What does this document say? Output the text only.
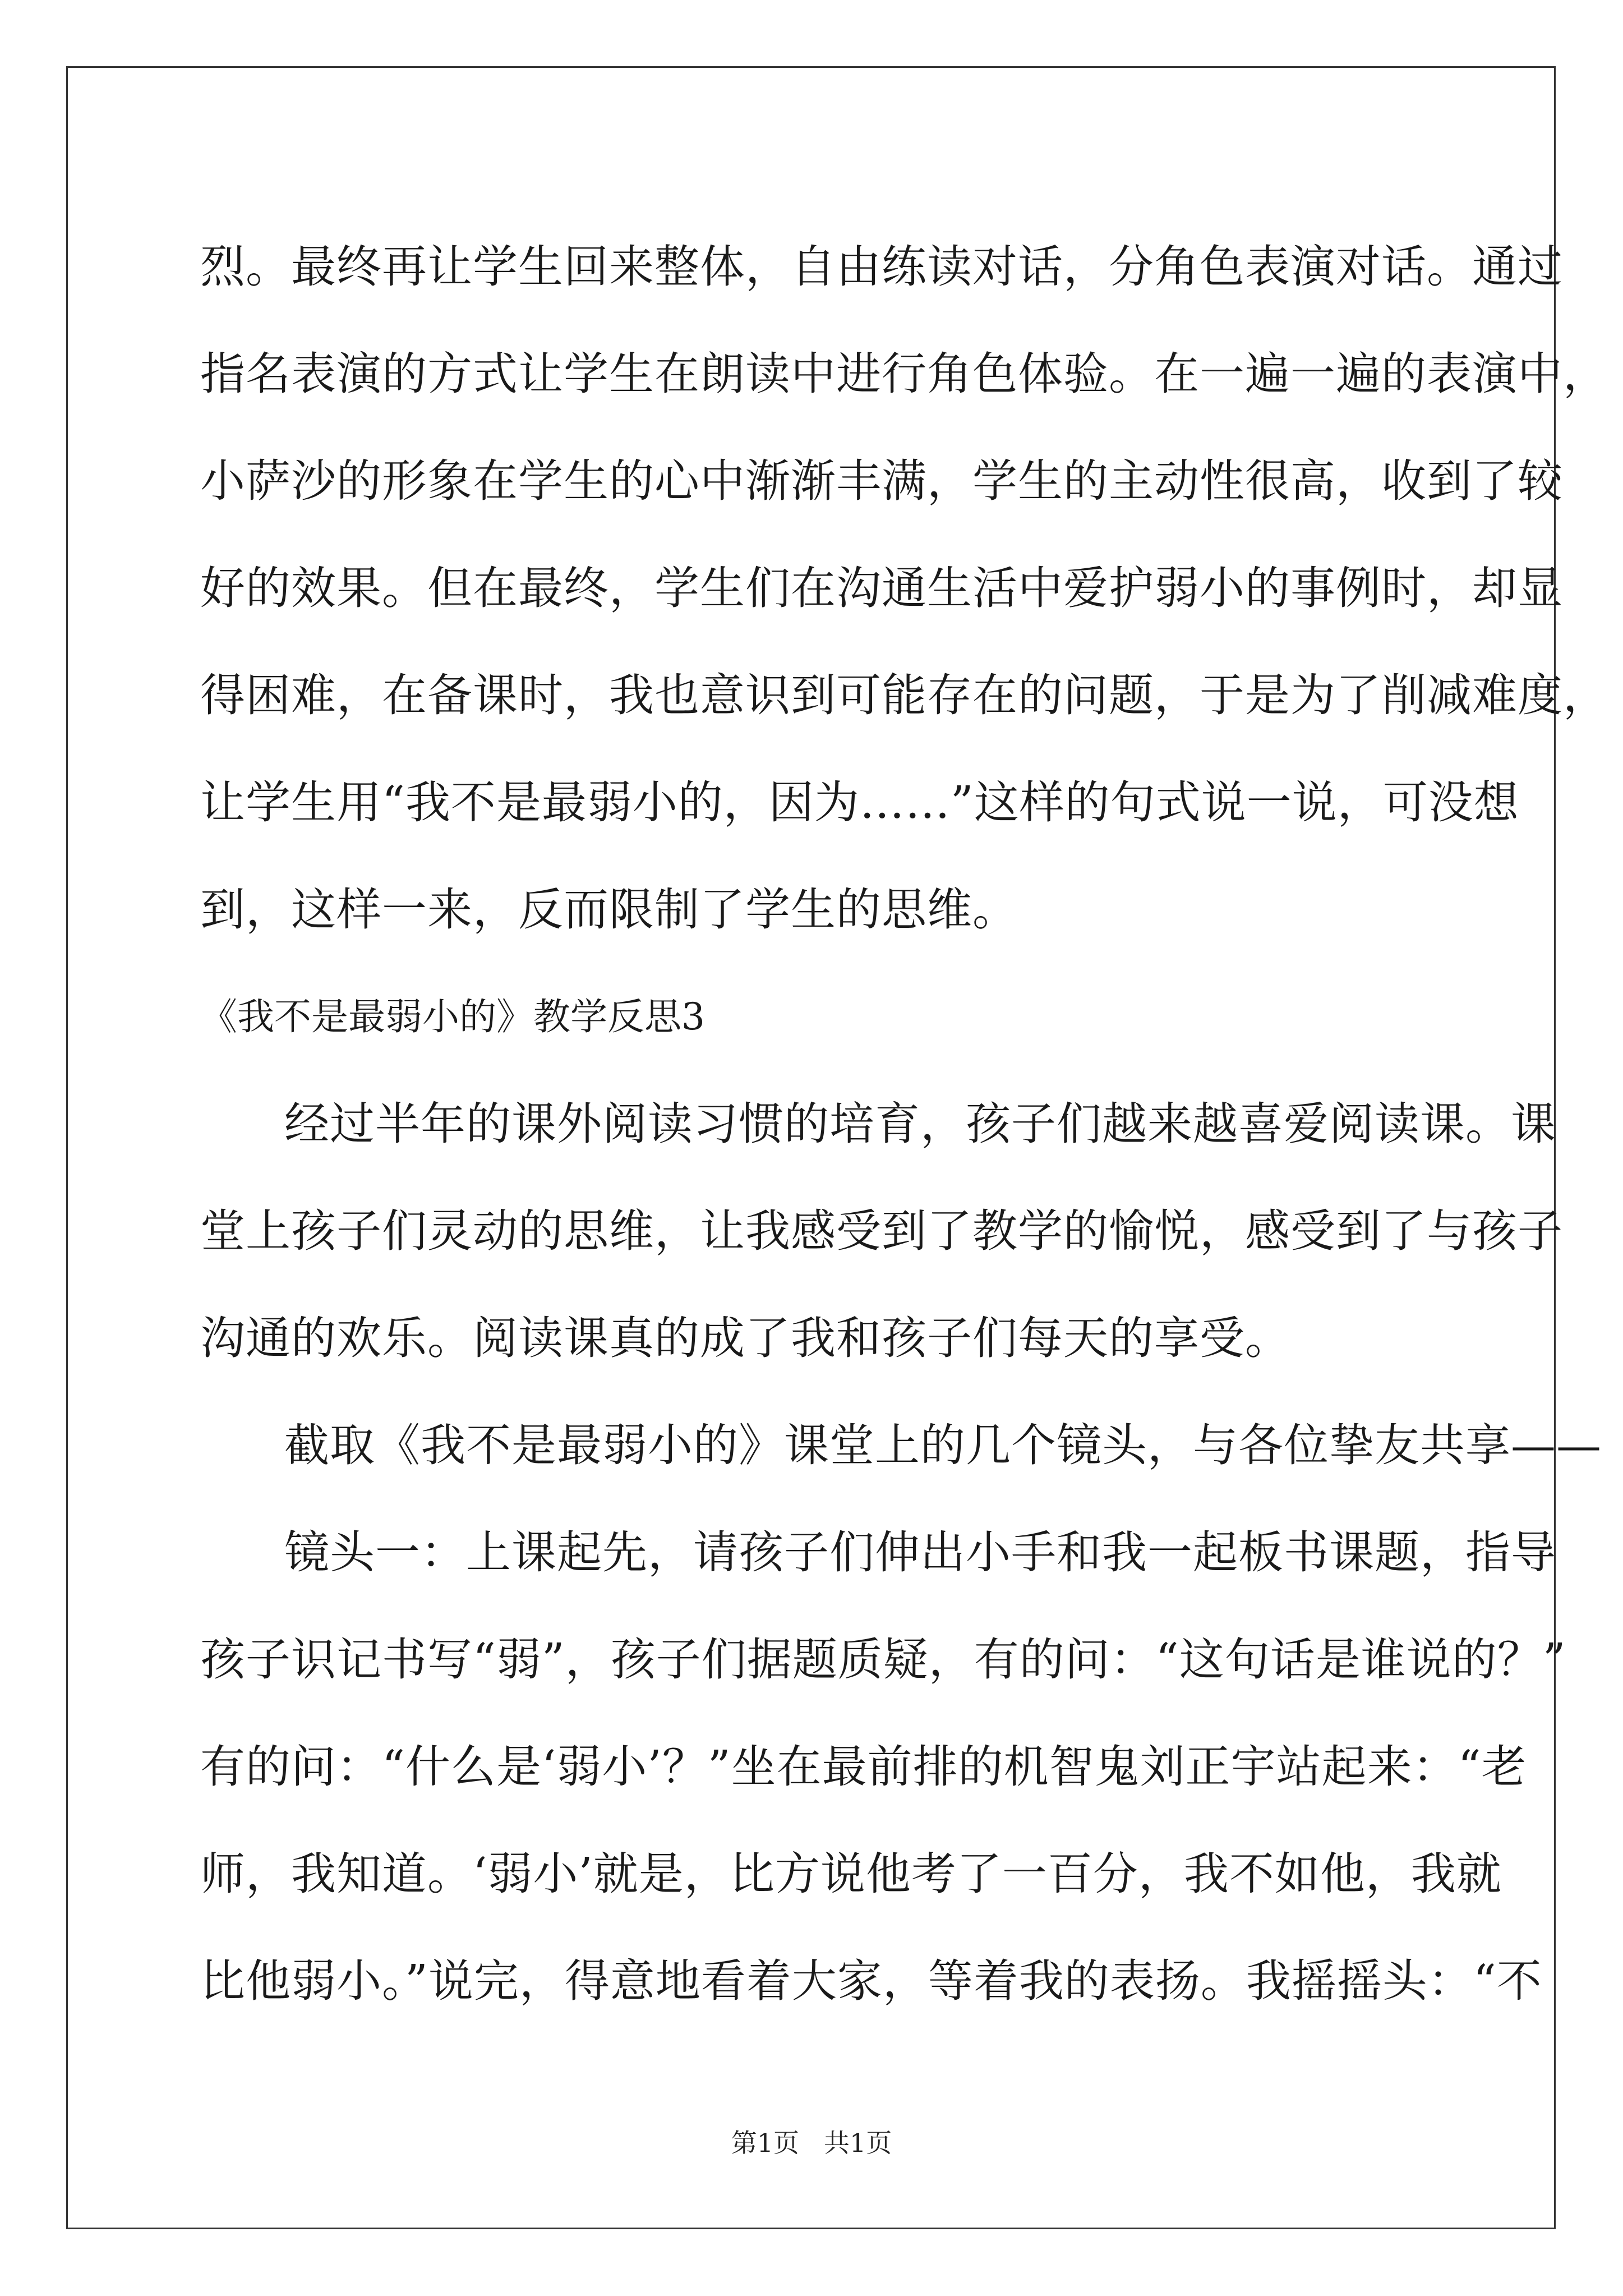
烈。最终再让学生回来整体，自由练读对话，分角色表演对话。通过
指名表演的方式让学生在朗读中进行角色体验。在一遍一遍的表演中，
小萨沙的形象在学生的心中渐渐丰满，学生的主动性很高，收到了较
好的效果。但在最终，学生们在沟通生活中爱护弱小的事例时，却显
得困难，在备课时，我也意识到可能存在的问题，于是为了削减难度，
让学生用“我不是最弱小的，因为……”这样的句式说一说，可没想
到，这样一来，反而限制了学生的思维。
《我不是最弱小的》教学反思3
经过半年的课外阅读习惯的培育，孩子们越来越喜爱阅读课。课
堂上孩子们灵动的思维，让我感受到了教学的愉悦，感受到了与孩子
沟通的欢乐。阅读课真的成了我和孩子们每天的享受。
截取《我不是最弱小的》课堂上的几个镜头，与各位挚友共享——
镜头一：上课起先，请孩子们伸出小手和我一起板书课题，指导
孩子识记书写“弱”，孩子们据题质疑，有的问：“这句话是谁说的？”
有的问：“什么是‘弱小’？”坐在最前排的机智鬼刘正宇站起来：“老
师，我知道。‘弱小’就是，比方说他考了一百分，我不如他，我就
比他弱小。”说完，得意地看着大家，等着我的表扬。我摇摇头：“不
第1页 共1页
